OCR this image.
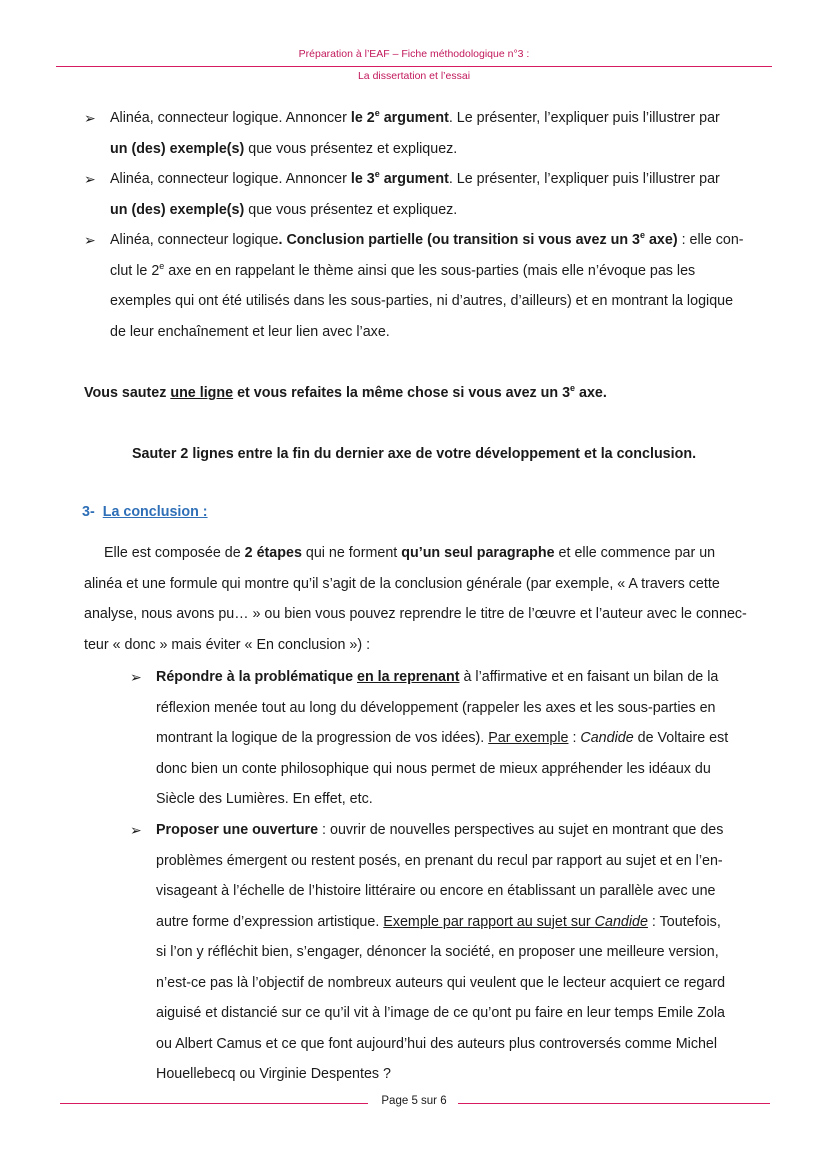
Préparation à l’EAF – Fiche méthodologique n°3 :
La dissertation et l’essai
➢ Alinéa, connecteur logique. Annoncer le 2e argument. Le présenter, l’expliquer puis l’illustrer par
un (des) exemple(s) que vous présentez et expliquez.
➢ Alinéa, connecteur logique. Annoncer le 3e argument. Le présenter, l’expliquer puis l’illustrer par
un (des) exemple(s) que vous présentez et expliquez.
➢ Alinéa, connecteur logique. Conclusion partielle (ou transition si vous avez un 3e axe) : elle con-
clut le 2e axe en en rappelant le thème ainsi que les sous-parties (mais elle n’évoque pas les
exemples qui ont été utilisés dans les sous-parties, ni d’autres, d’ailleurs) et en montrant la logique
de leur enchaînement et leur lien avec l’axe.
Vous sautez une ligne et vous refaites la même chose si vous avez un 3e axe.
Sauter 2 lignes entre la fin du dernier axe de votre développement et la conclusion.
3- La conclusion :
Elle est composée de 2 étapes qui ne forment qu’un seul paragraphe et elle commence par un
alinéa et une formule qui montre qu’il s’agit de la conclusion générale (par exemple, « A travers cette
analyse, nous avons pu… » ou bien vous pouvez reprendre le titre de l’œuvre et l’auteur avec le connec-
teur « donc » mais éviter « En conclusion ») :
➢ Répondre à la problématique en la reprenant à l’affirmative et en faisant un bilan de la
réflexion menée tout au long du développement (rappeler les axes et les sous-parties en
montrant la logique de la progression de vos idées). Par exemple : Candide de Voltaire est
donc bien un conte philosophique qui nous permet de mieux appréhender les idéaux du
Siècle des Lumières. En effet, etc.
➢ Proposer une ouverture : ouvrir de nouvelles perspectives au sujet en montrant que des
problèmes émergent ou restent posés, en prenant du recul par rapport au sujet et en l’en-
visageant à l’échelle de l’histoire littéraire ou encore en établissant un parallèle avec une
autre forme d’expression artistique. Exemple par rapport au sujet sur Candide : Toutefois,
si l’on y réfléchit bien, s’engager, dénoncer la société, en proposer une meilleure version,
n’est-ce pas là l’objectif de nombreux auteurs qui veulent que le lecteur acquiert ce regard
aiguisé et distancié sur ce qu’il vit à l’image de ce qu’ont pu faire en leur temps Emile Zola
ou Albert Camus et ce que font aujourd’hui des auteurs plus controversés comme Michel
Houellebecq ou Virginie Despentes ?
Page 5 sur 6
